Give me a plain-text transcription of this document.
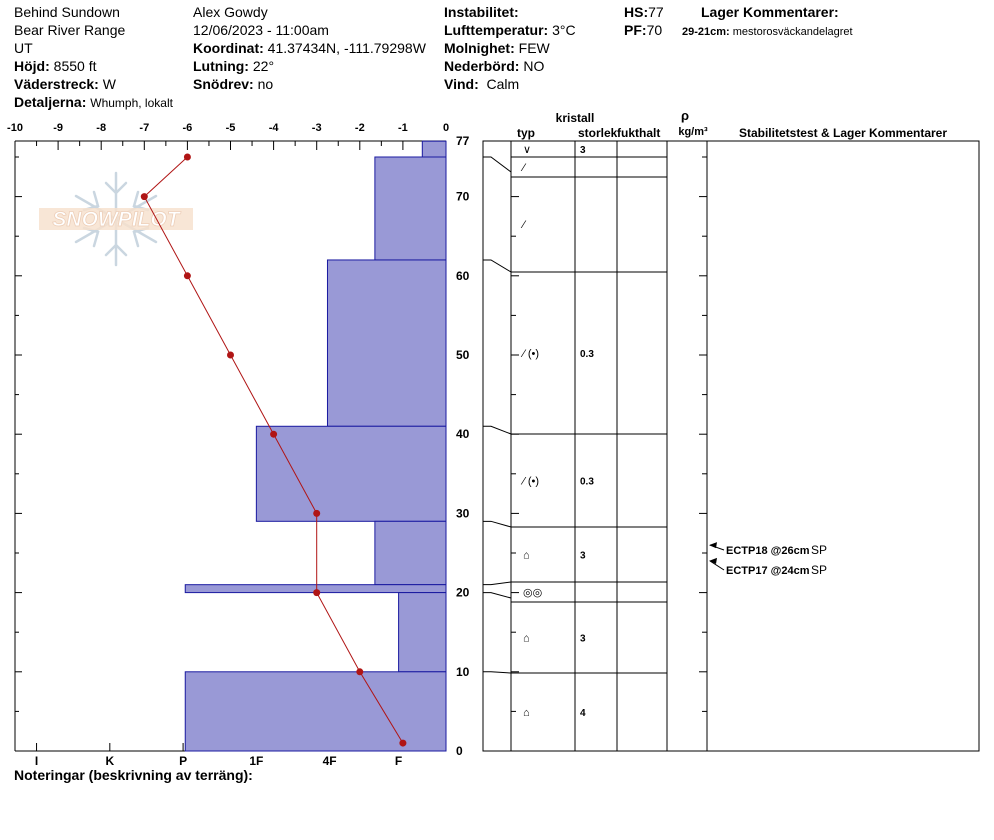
Behind Sundown
Bear River Range
UT
Höjd: 8550 ft
Väderstreck: W
Detaljerna: Whumph, lokalt
Alex Gowdy
12/06/2023 - 11:00am
Koordinat: 41.37434N, -111.79298W
Lutning: 22°
Snödrev: no
Instabilitet:
Lufttemperatur: 3°C
Molnighet: FEW
Nederbörd: NO
Vind: Calm
HS:77
PF:70
Lager Kommentarer:
29-21cm: mestorosväckandelagret
SNOWPILOT
-10	-9	-8	-7	-6	-5	-4	-3	-2	-1	0
0
10
20
30
40
50
60
70
77
I	K	P	1F	4F	F
kristall
typ	storlek fukthalt
ρ
kg/m³	Stabilitetstest & Lager Kommentarer
∨	3
⁄
⁄
⁄ (•)	0.3
⁄ (•)	0.3
⌂	3
◎◎
⌂	3
⌂	4
ECTP18 @26cm SP
ECTP17 @24cm SP
Noteringar (beskrivning av terräng):
